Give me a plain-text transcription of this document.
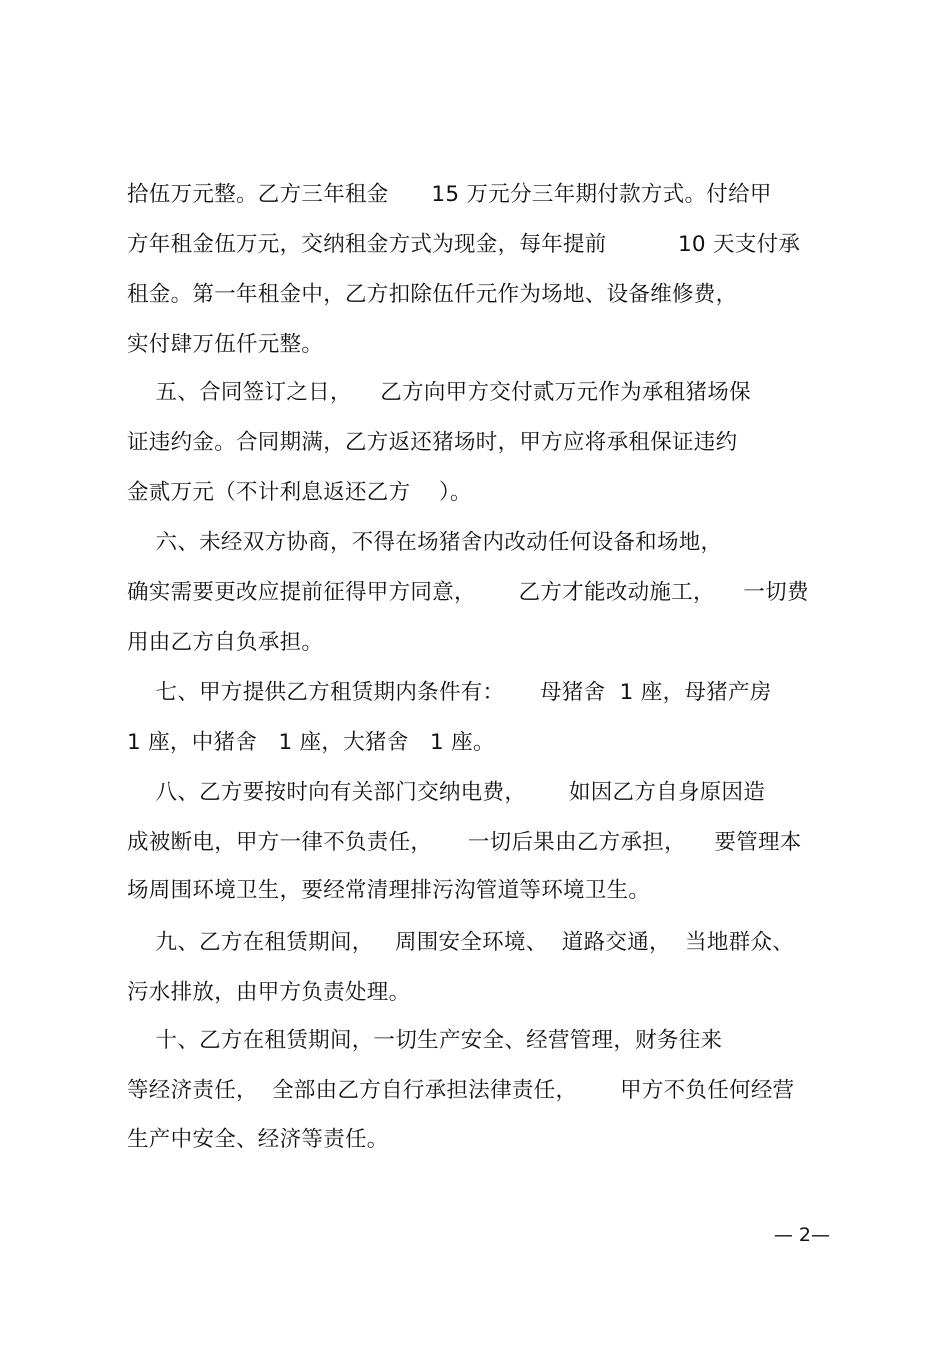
拾伍万元整。乙方三年租金      15 万元分三年期付款方式。付给甲
方年租金伍万元，交纳租金方式为现金，每年提前          10 天支付承
租金。第一年租金中，乙方扣除伍仟元作为场地、设备维修费，
实付肆万伍仟元整。
五、合同签订之日，    乙方向甲方交付贰万元作为承租猪场保
证违约金。合同期满，乙方返还猪场时，甲方应将承租保证违约
金贰万元（不计利息返还乙方    ）。
六、未经双方协商，不得在场猪舍内改动任何设备和场地，
确实需要更改应提前征得甲方同意，      乙方才能改动施工，    一切费
用由乙方自负承担。
七、甲方提供乙方租赁期内条件有：     母猪舍  1 座，母猪产房
1 座，中猪舍   1 座，大猪舍   1 座。
八、乙方要按时向有关部门交纳电费，      如因乙方自身原因造
成被断电，甲方一律不负责任，     一切后果由乙方承担，    要管理本
场周围环境卫生，要经常清理排污沟管道等环境卫生。
九、乙方在租赁期间，   周围安全环境、  道路交通，  当地群众、
污水排放，由甲方负责处理。
十、乙方在租赁期间，一切生产安全、经营管理，财务往来
等经济责任，  全部由乙方自行承担法律责任，      甲方不负任何经营
生产中安全、经济等责任。
— 2—
